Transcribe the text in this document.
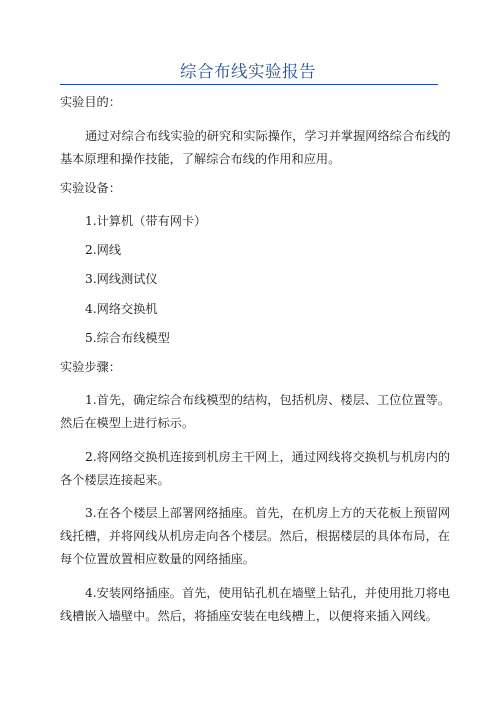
综合布线实验报告
实验目的：
通过对综合布线实验的研究和实际操作，学习并掌握网络综合布线的
基本原理和操作技能，了解综合布线的作用和应用。
实验设备：
1.计算机（带有网卡）
2.网线
3.网线测试仪
4.网络交换机
5.综合布线模型
实验步骤：
1.首先，确定综合布线模型的结构，包括机房、楼层、工位位置等。
然后在模型上进行标示。
2.将网络交换机连接到机房主干网上，通过网线将交换机与机房内的
各个楼层连接起来。
3.在各个楼层上部署网络插座。首先，在机房上方的天花板上预留网
线托槽，并将网线从机房走向各个楼层。然后，根据楼层的具体布局，在
每个位置放置相应数量的网络插座。
4.安装网络插座。首先，使用钻孔机在墙壁上钻孔，并使用批刀将电
线槽嵌入墙壁中。然后，将插座安装在电线槽上，以便将来插入网线。
